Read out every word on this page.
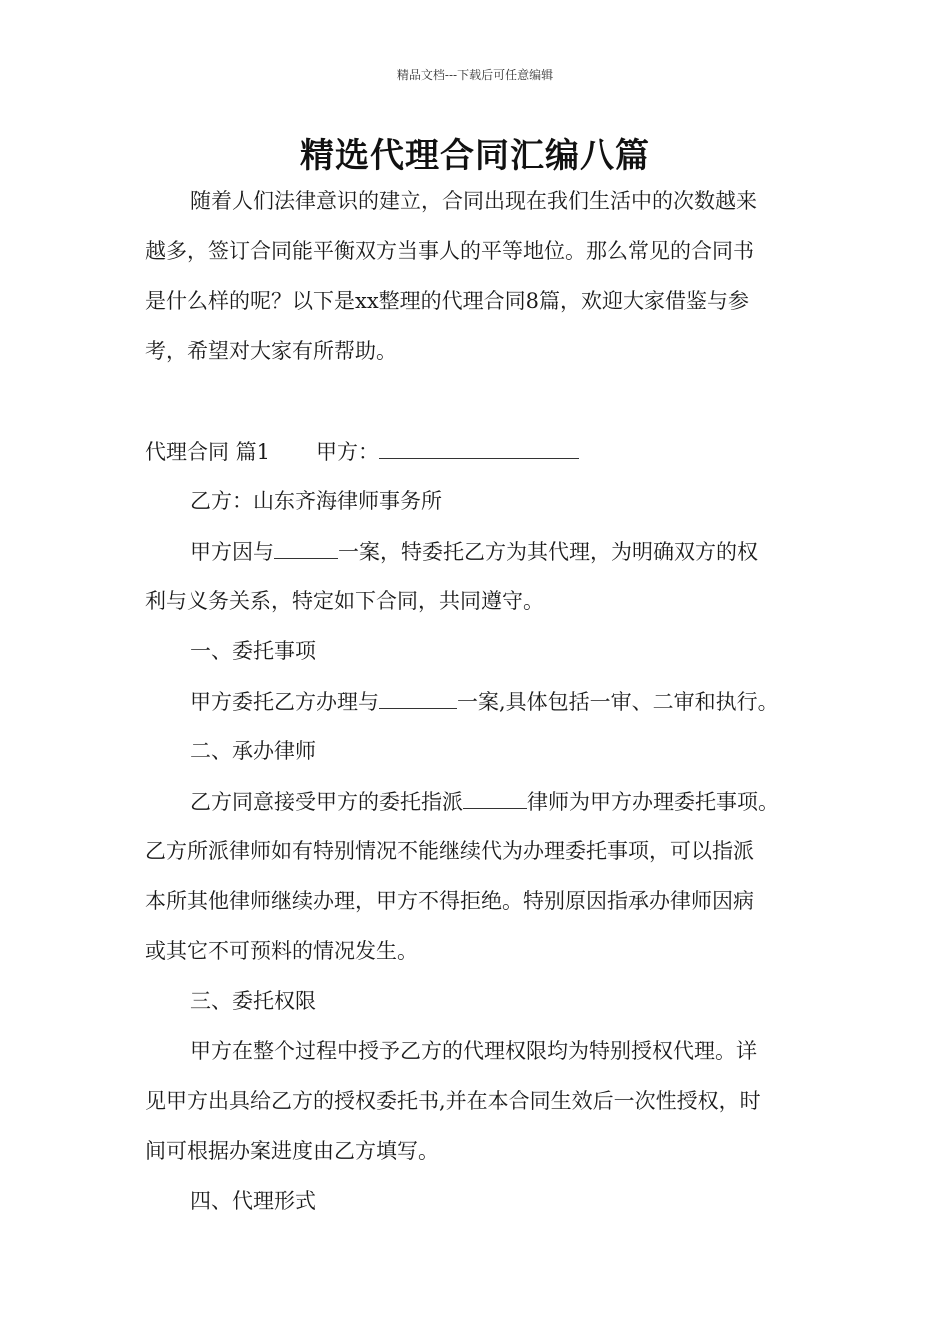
精品文档---下载后可任意编辑
精选代理合同汇编八篇
随着人们法律意识的建立，合同出现在我们生活中的次数越来
越多，签订合同能平衡双方当事人的平等地位。那么常见的合同书
是什么样的呢？以下是xx整理的代理合同8篇，欢迎大家借鉴与参
考，希望对大家有所帮助。
代理合同 篇1 甲方：
乙方：山东齐海律师事务所
甲方因与	一案，特委托乙方为其代理，为明确双方的权
利与义务关系，特定如下合同，共同遵守。
一、委托事项
甲方委托乙方办理与	一案,具体包括一审、二审和执行。
二、承办律师
乙方同意接受甲方的委托指派	律师为甲方办理委托事项。
乙方所派律师如有特别情况不能继续代为办理委托事项，可以指派
本所其他律师继续办理，甲方不得拒绝。特别原因指承办律师因病
或其它不可预料的情况发生。
三、委托权限
甲方在整个过程中授予乙方的代理权限均为特别授权代理。详
见甲方出具给乙方的授权委托书,并在本合同生效后一次性授权，时
间可根据办案进度由乙方填写。
四、代理形式
